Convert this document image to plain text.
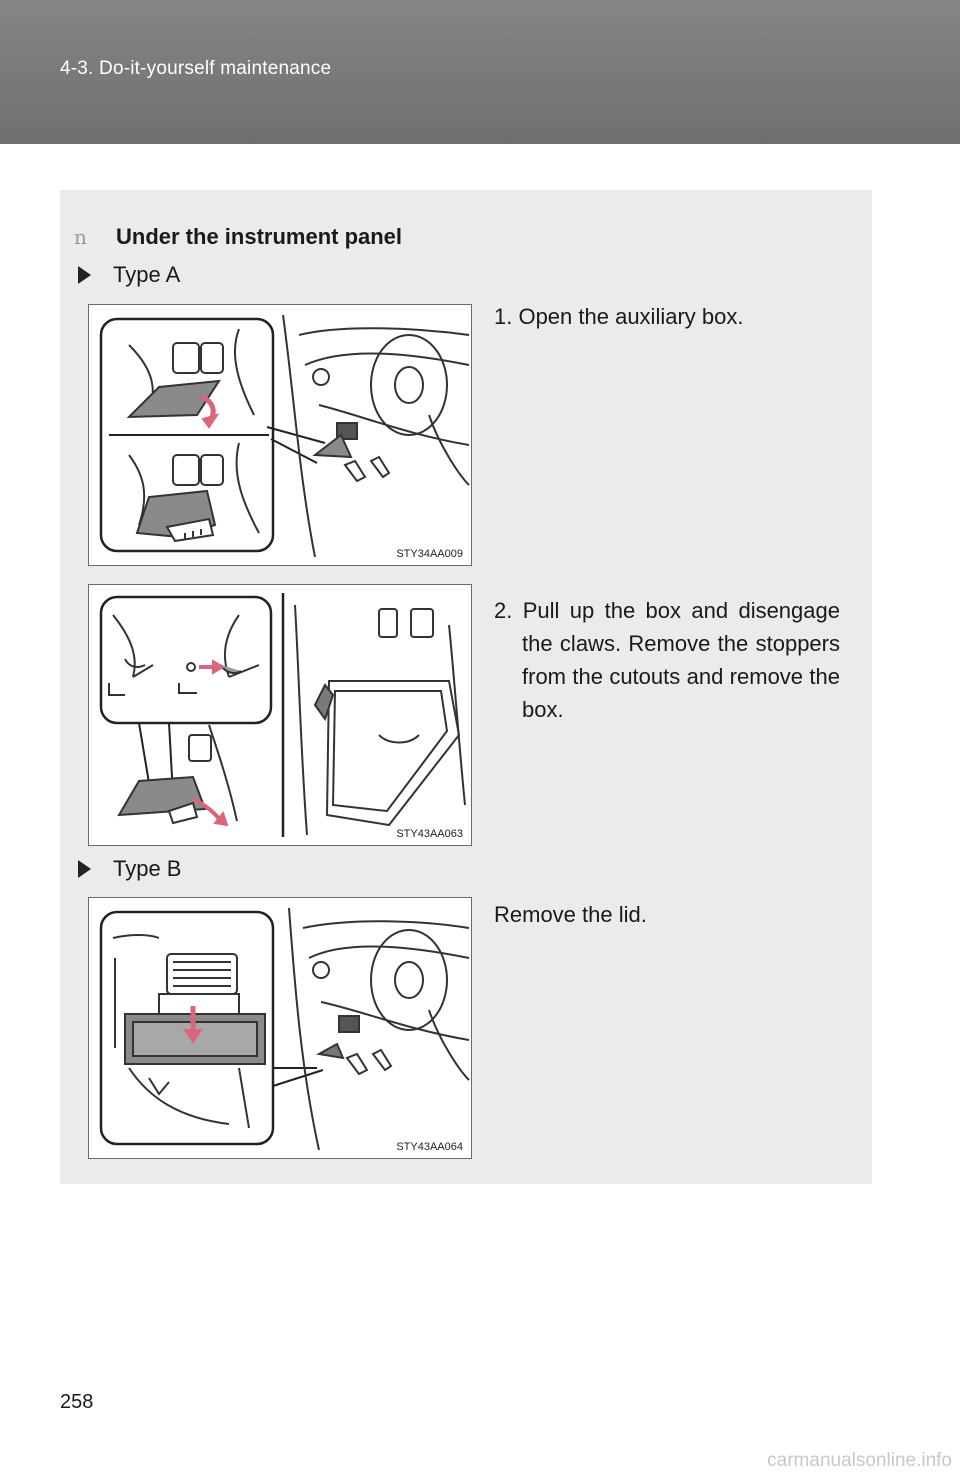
4-3. Do-it-yourself maintenance
n	Under the instrument panel
Type A
STY34AA009
1. Open the auxiliary box.
STY43AA063
2. Pull up the box and disengage the claws. Remove the stoppers from the cutouts and remove the box.
Type B
STY43AA064
Remove the lid.
258
carmanualsonline.info
